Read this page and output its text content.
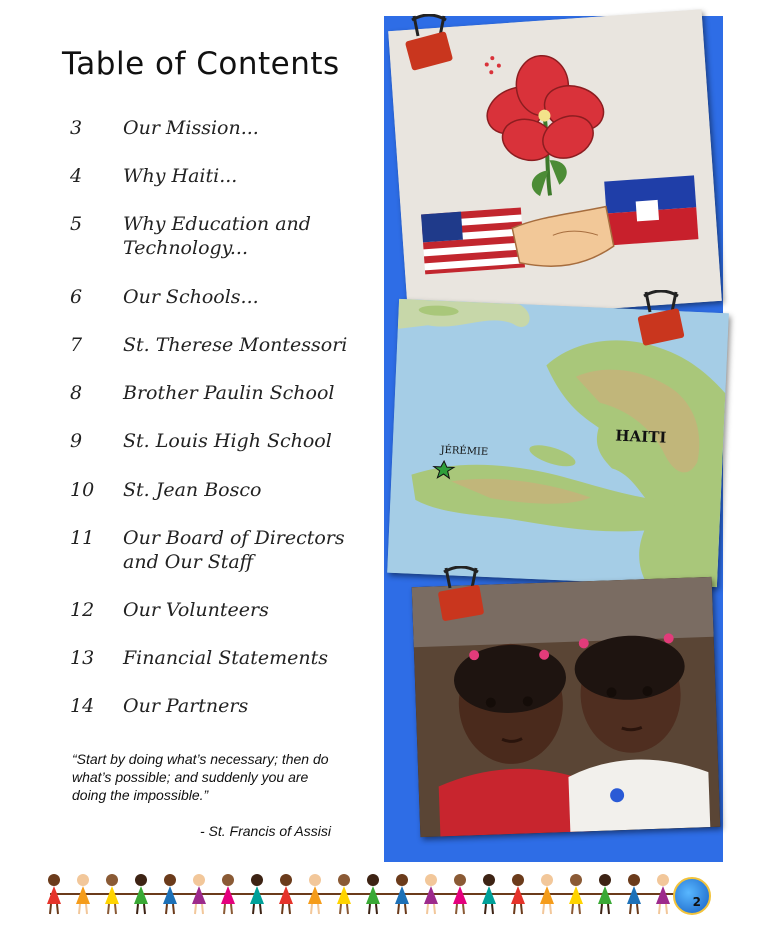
Table of Contents
3	Our Mission...
4	Why Haiti...
5	Why Education and Technology...
6	Our Schools...
7	St. Therese Montessori
8	Brother Paulin School
9	St. Louis High School
10	St. Jean Bosco
11	Our Board of Directors and Our Staff
12	Our Volunteers
13	Financial Statements
14	Our Partners
“Start by doing what’s necessary; then do what’s possible; and suddenly you are doing the impossible.”
- St. Francis of Assisi
JÉRÉMIE
HAITI
2
